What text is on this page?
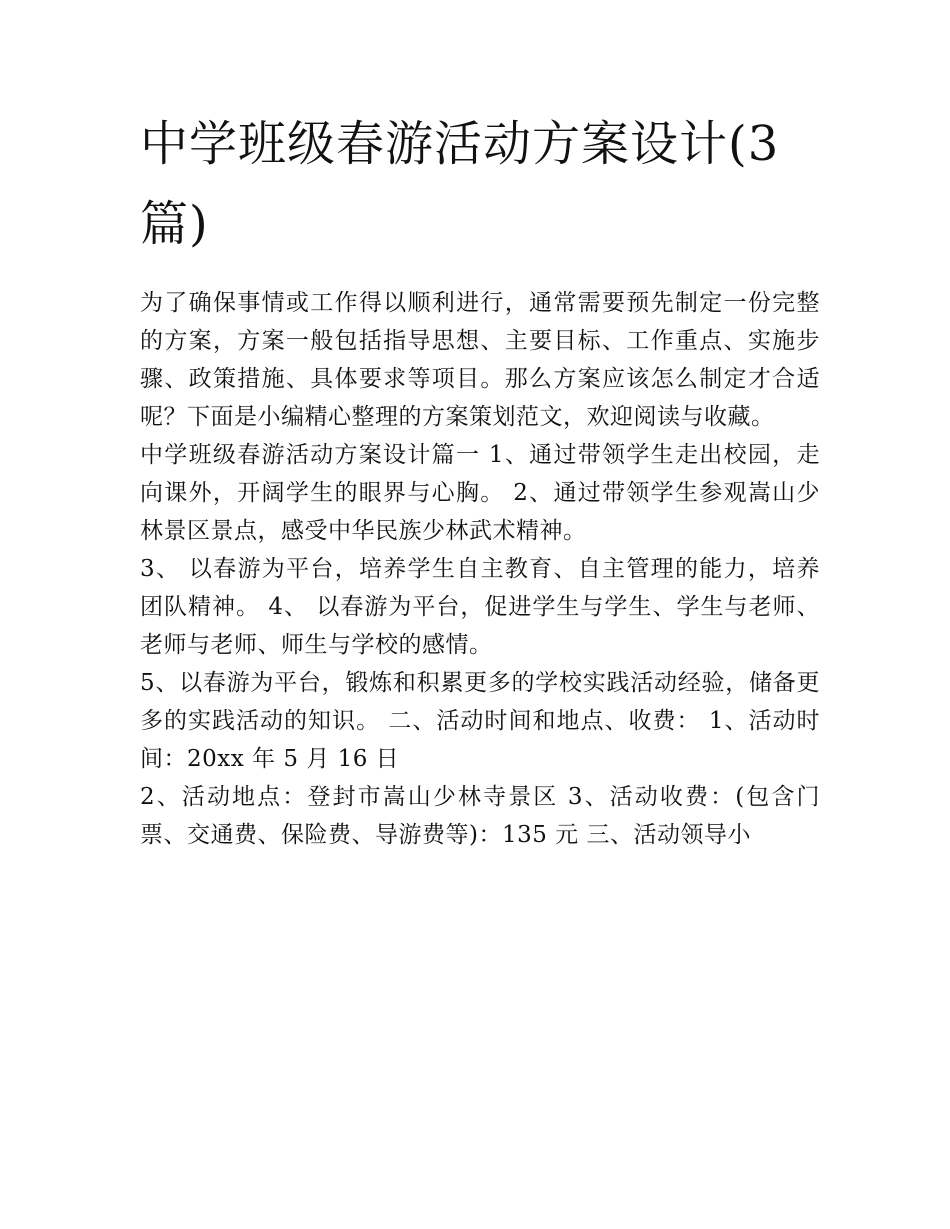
中学班级春游活动方案设计(3篇)

为了确保事情或工作得以顺利进行，通常需要预先制定一份完整的方案，方案一般包括指导思想、主要目标、工作重点、实施步骤、政策措施、具体要求等项目。那么方案应该怎么制定才合适呢？下面是小编精心整理的方案策划范文，欢迎阅读与收藏。

中学班级春游活动方案设计篇一 1、通过带领学生走出校园，走向课外，开阔学生的眼界与心胸。 2、通过带领学生参观嵩山少林景区景点，感受中华民族少林武术精神。

3、 以春游为平台，培养学生自主教育、自主管理的能力，培养团队精神。 4、 以春游为平台，促进学生与学生、学生与老师、老师与老师、师生与学校的感情。

5、以春游为平台，锻炼和积累更多的学校实践活动经验，储备更多的实践活动的知识。 二、活动时间和地点、收费： 1、活动时间：20xx 年 5 月 16 日

2、活动地点：登封市嵩山少林寺景区 3、活动收费：(包含门票、交通费、保险费、导游费等)：135 元 三、活动领导小
